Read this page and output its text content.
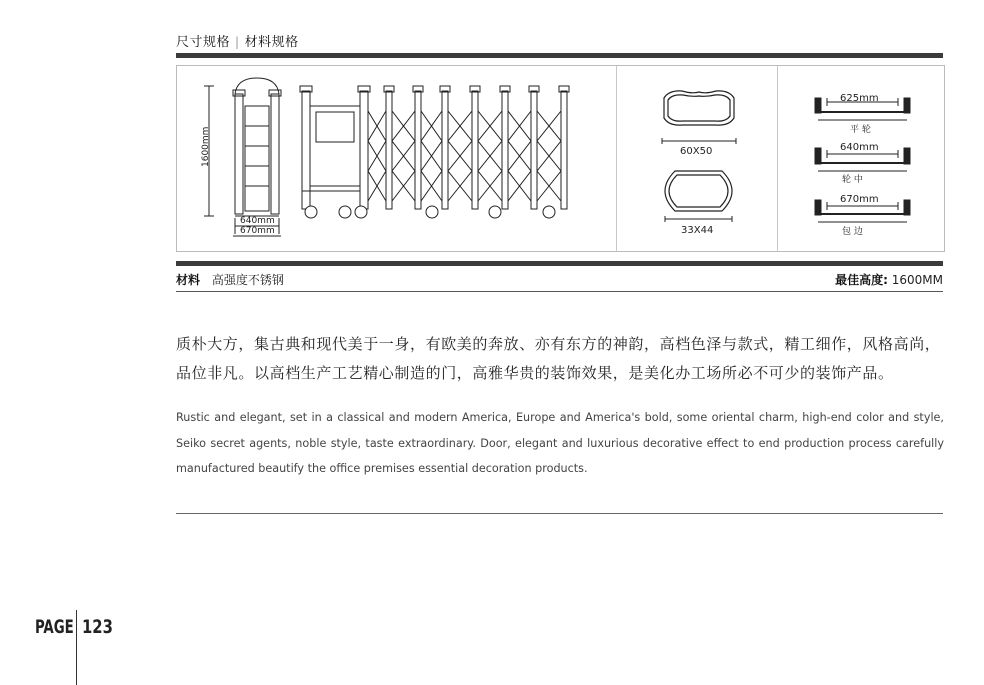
尺寸规格 | 材料规格
1600mm
640mm
670mm
60X50
33X44
625mm
平 轮
640mm
轮 中
670mm
包 边
材料 高强度不锈钢	最佳高度: 1600MM
质朴大方，集古典和现代美于一身，有欧美的奔放、亦有东方的神韵，高档色泽与款式，精工细作，风格高尚，品位非凡。以高档生产工艺精心制造的门，高雅华贵的装饰效果，是美化办工场所必不可少的装饰产品。
Rustic and elegant, set in a classical and modern America, Europe and America's bold, some oriental charm, high-end color and style, Seiko secret agents, noble style, taste extraordinary. Door, elegant and luxurious decorative effect to end production process carefully manufactured beautify the office premises essential decoration products.
PAGE 123
